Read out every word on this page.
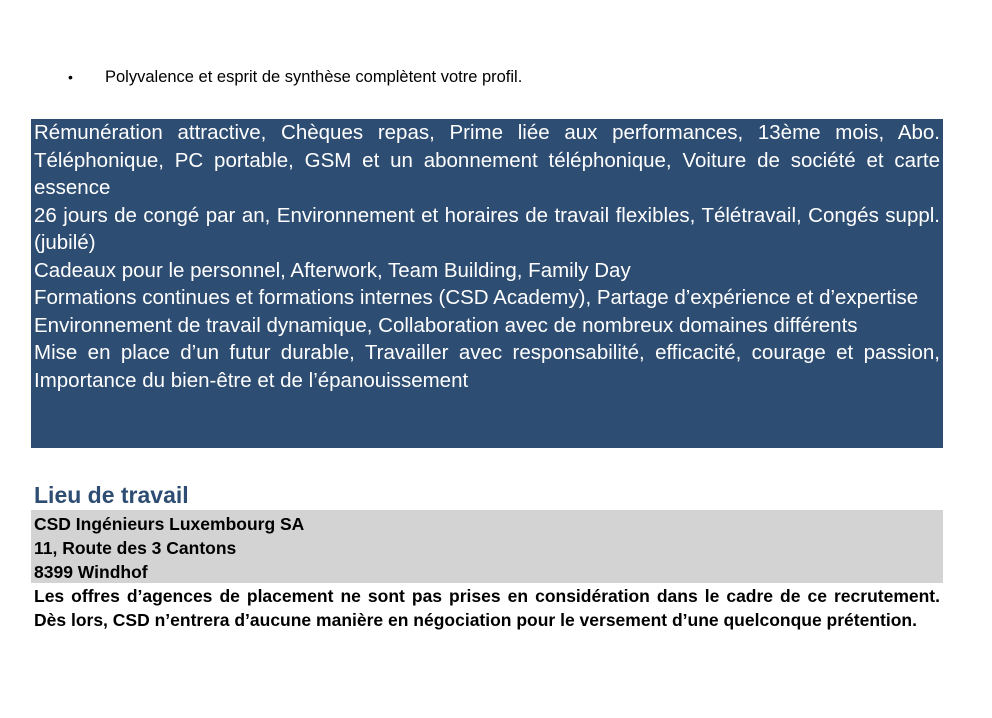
•	Polyvalence et esprit de synthèse complètent votre profil.

Rémunération attractive, Chèques repas, Prime liée aux performances, 13ème mois, Abo. Téléphonique, PC portable, GSM et un abonnement téléphonique, Voiture de société et carte essence

26 jours de congé par an, Environnement et horaires de travail flexibles, Télétravail, Congés suppl. (jubilé)

Cadeaux pour le personnel, Afterwork, Team Building, Family Day

Formations continues et formations internes (CSD Academy), Partage d’expérience et d’expertise

Environnement de travail dynamique, Collaboration avec de nombreux domaines différents

Mise en place d’un futur durable, Travailler avec responsabilité, efficacité, courage et passion, Importance du bien-être et de l’épanouissement

Lieu de travail

CSD Ingénieurs Luxembourg SA

11, Route des 3 Cantons

8399 Windhof

Les offres d’agences de placement ne sont pas prises en considération dans le cadre de ce recrutement. Dès lors, CSD n’entrera d’aucune manière en négociation pour le versement d’une quelconque prétention.
